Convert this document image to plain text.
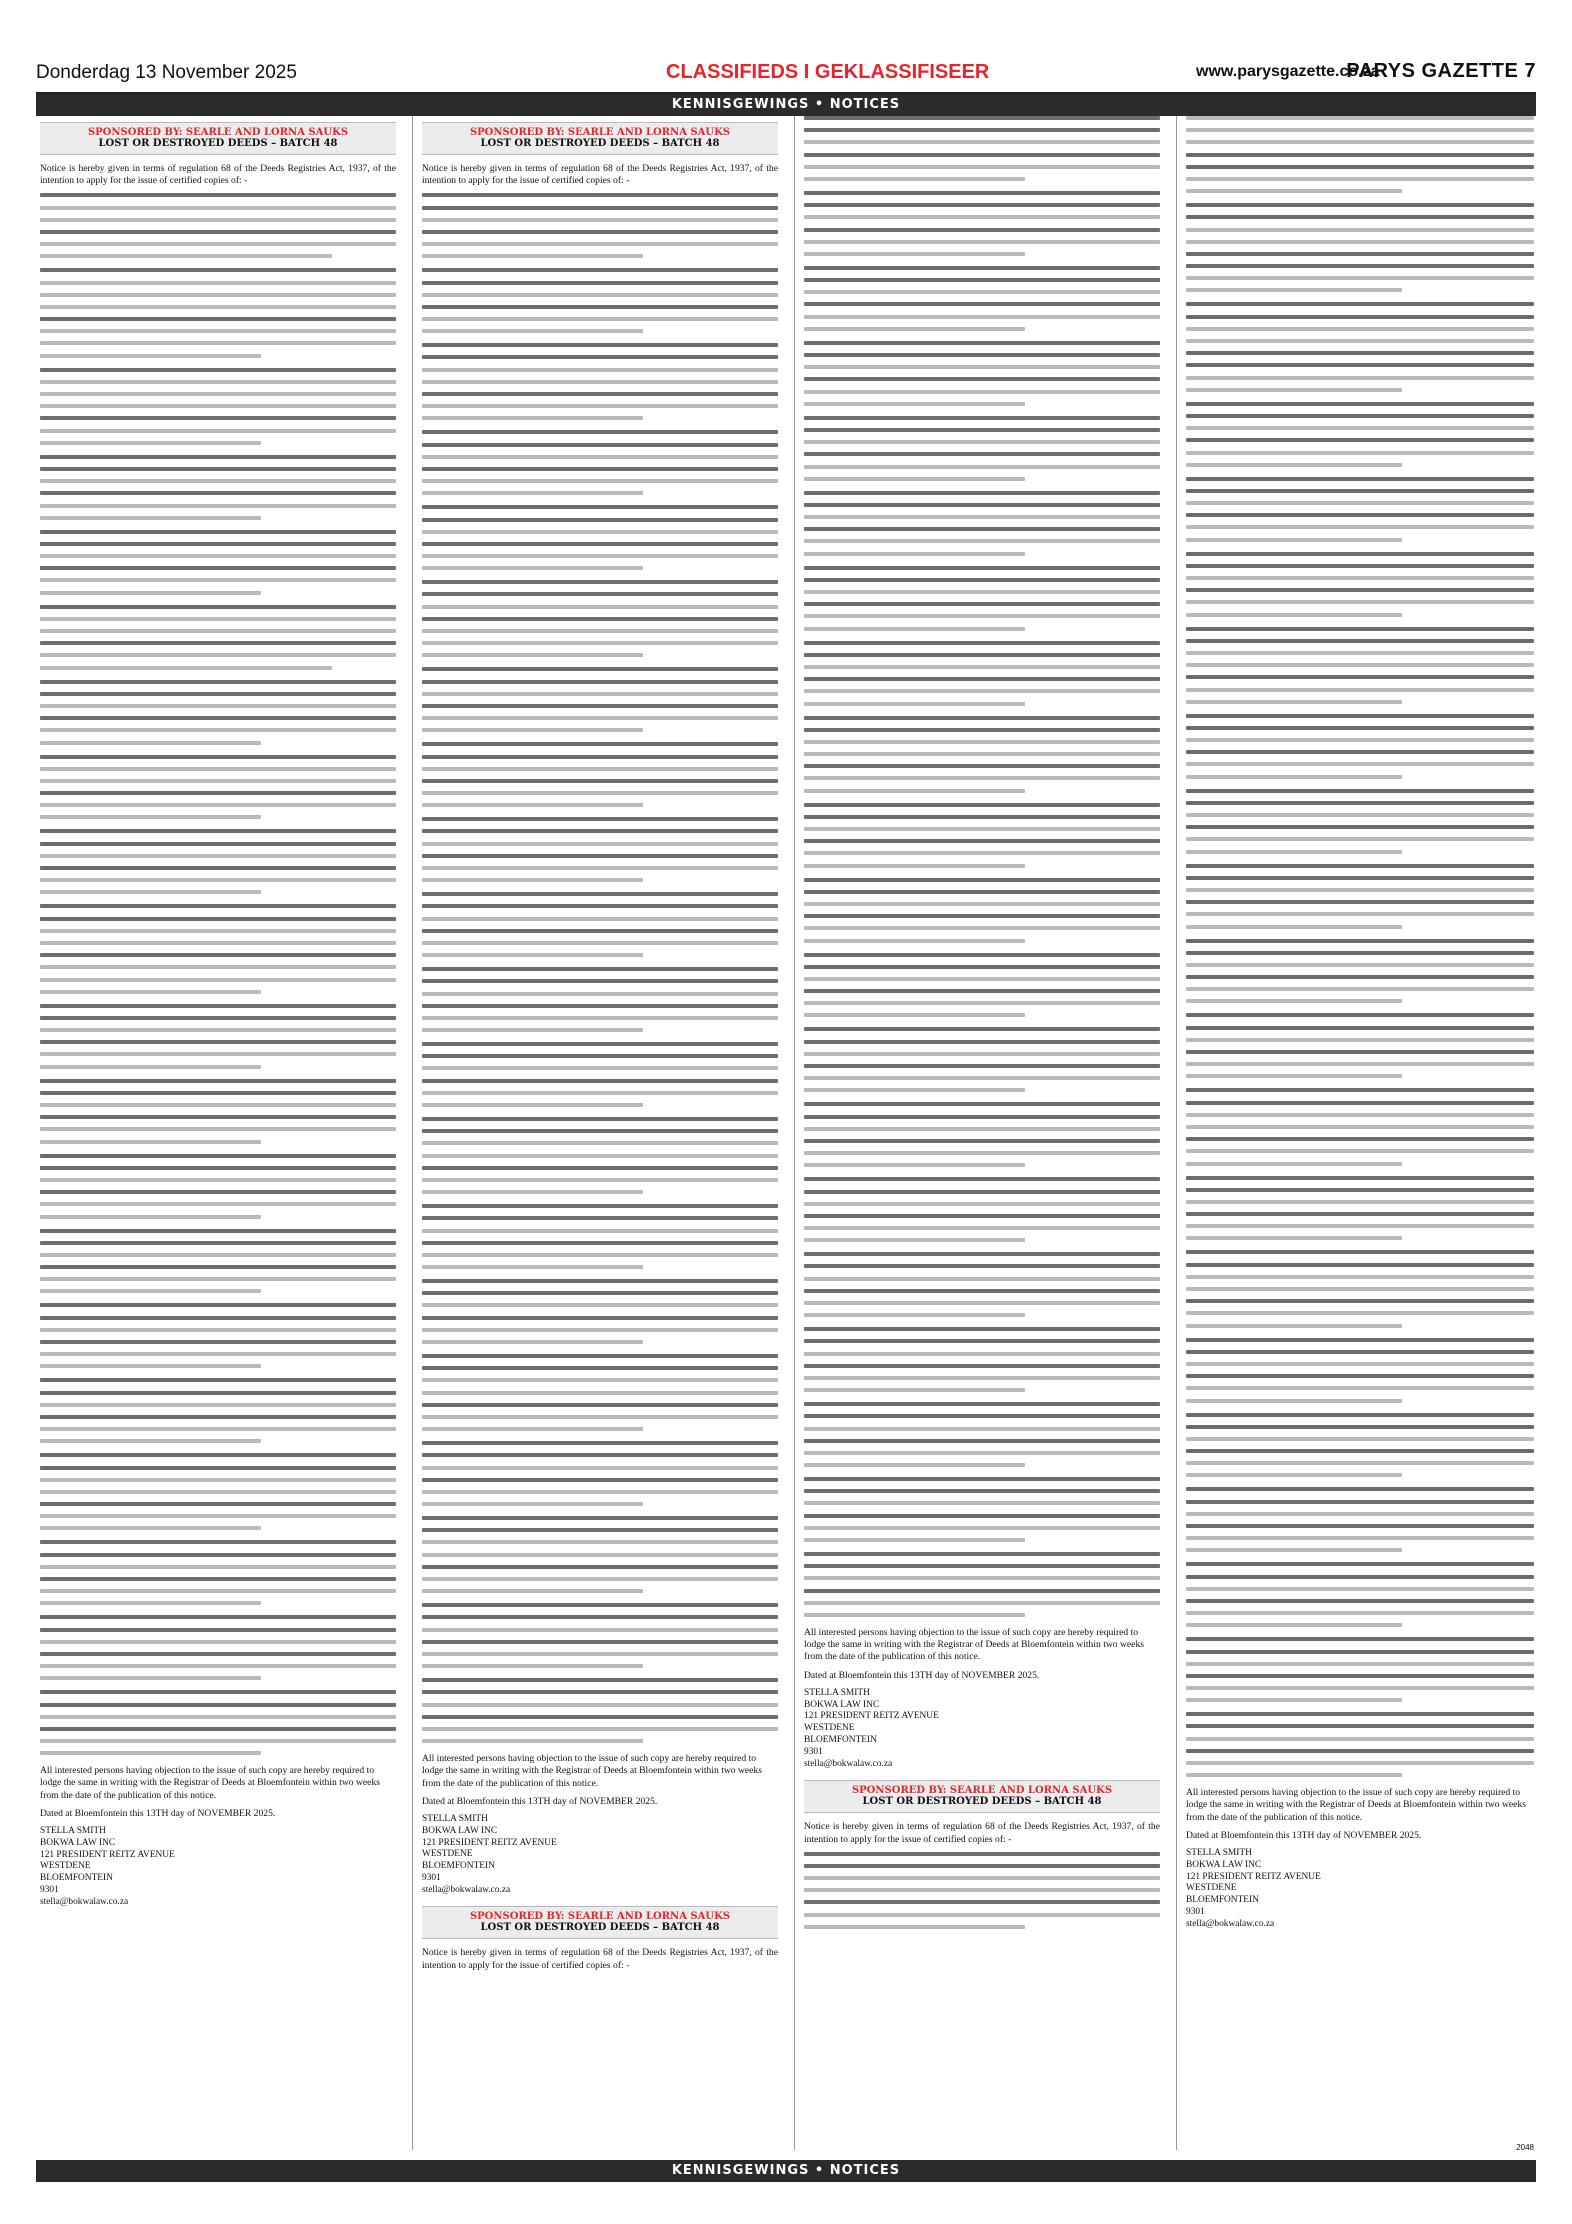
Donderdag 13 November 2025	CLASSIFIEDS I GEKLASSIFISEER	www.parysgazette.co.za
PARYS GAZETTE 7
KENNISGEWINGS • NOTICES
SPONSORED BY: SEARLE AND LORNA SAUKS
LOST OR DESTROYED DEEDS – BATCH 48
Notice is hereby given in terms of regulation 68 of the Deeds Registries Act, 1937, of the intention to apply for the issue of certified copies of: -
All interested persons having objection to the issue of such copy are hereby required to lodge the same in writing with the Registrar of Deeds at Bloemfontein within two weeks from the date of the publication of this notice.
Dated at Bloemfontein this 13TH day of NOVEMBER 2025.
STELLA SMITH
BOKWA LAW INC
121 PRESIDENT REITZ AVENUE
WESTDENE
BLOEMFONTEIN
9301
stella@bokwalaw.co.za
SPONSORED BY: SEARLE AND LORNA SAUKS
LOST OR DESTROYED DEEDS – BATCH 48
Notice is hereby given in terms of regulation 68 of the Deeds Registries Act, 1937, of the intention to apply for the issue of certified copies of: -
All interested persons having objection to the issue of such copy are hereby required to lodge the same in writing with the Registrar of Deeds at Bloemfontein within two weeks from the date of the publication of this notice.
Dated at Bloemfontein this 13TH day of NOVEMBER 2025.
STELLA SMITH
BOKWA LAW INC
121 PRESIDENT REITZ AVENUE
WESTDENE
BLOEMFONTEIN
9301
stella@bokwalaw.co.za
SPONSORED BY: SEARLE AND LORNA SAUKS
LOST OR DESTROYED DEEDS – BATCH 48
Notice is hereby given in terms of regulation 68 of the Deeds Registries Act, 1937, of the intention to apply for the issue of certified copies of: -
All interested persons having objection to the issue of such copy are hereby required to lodge the same in writing with the Registrar of Deeds at Bloemfontein within two weeks from the date of the publication of this notice.
Dated at Bloemfontein this 13TH day of NOVEMBER 2025.
STELLA SMITH
BOKWA LAW INC
121 PRESIDENT REITZ AVENUE
WESTDENE
BLOEMFONTEIN
9301
stella@bokwalaw.co.za
SPONSORED BY: SEARLE AND LORNA SAUKS
LOST OR DESTROYED DEEDS – BATCH 48
Notice is hereby given in terms of regulation 68 of the Deeds Registries Act, 1937, of the intention to apply for the issue of certified copies of: -
All interested persons having objection to the issue of such copy are hereby required to lodge the same in writing with the Registrar of Deeds at Bloemfontein within two weeks from the date of the publication of this notice.
Dated at Bloemfontein this 13TH day of NOVEMBER 2025.
STELLA SMITH
BOKWA LAW INC
121 PRESIDENT REITZ AVENUE
WESTDENE
BLOEMFONTEIN
9301
stella@bokwalaw.co.za
2048
KENNISGEWINGS • NOTICES
